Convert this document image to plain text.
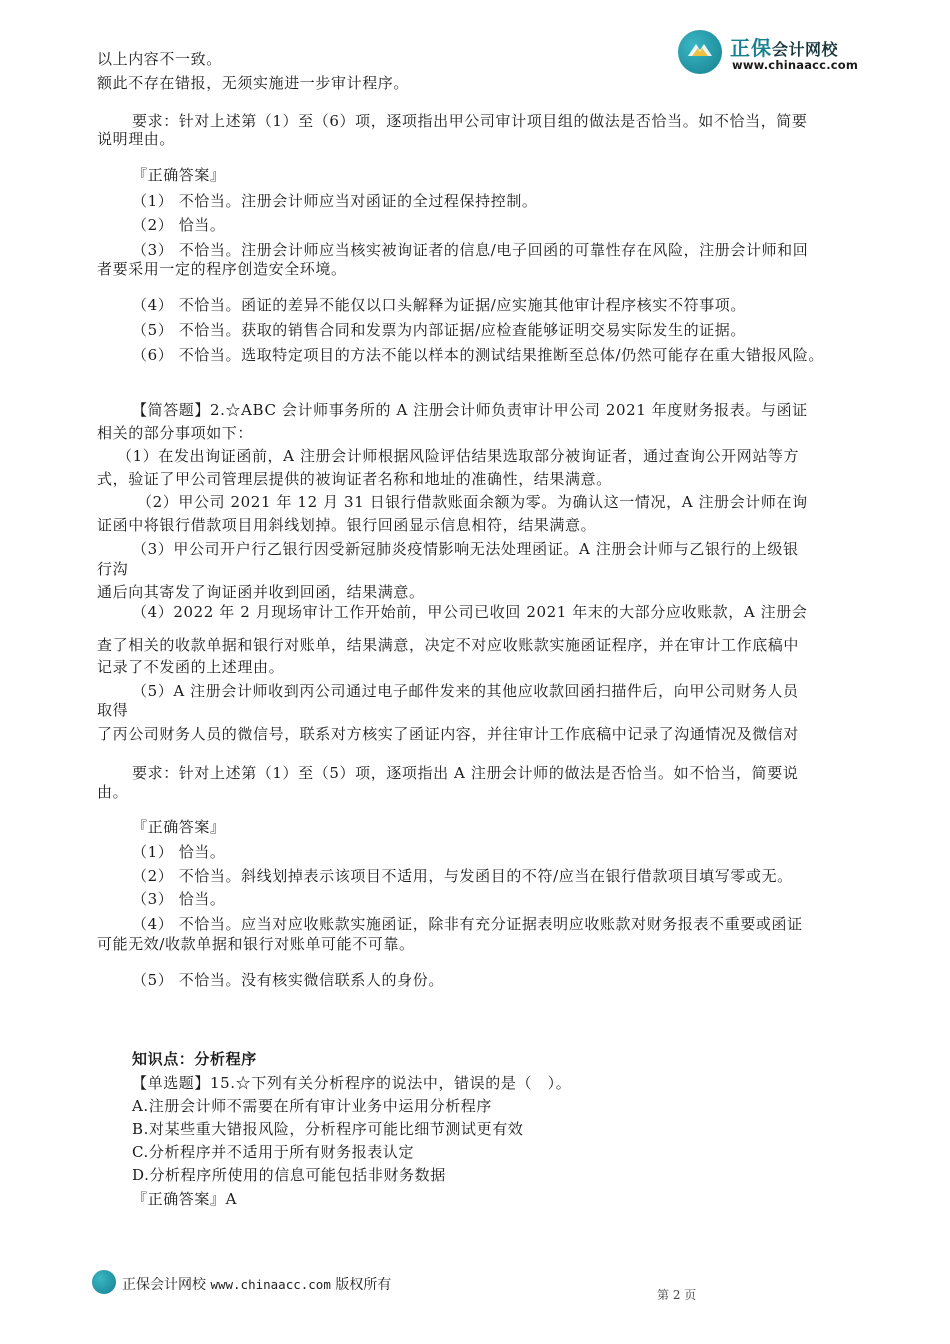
正保会计网校
www.chinaacc.com
以上内容不一致。
额此不存在错报，无须实施进一步审计程序。
要求：针对上述第（1）至（6）项，逐项指出甲公司审计项目组的做法是否恰当。如不恰当，简要
说明理由。
『正确答案』
（1） 不恰当。注册会计师应当对函证的全过程保持控制。
（2） 恰当。
（3） 不恰当。注册会计师应当核实被询证者的信息/电子回函的可靠性存在风险，注册会计师和回
者要采用一定的程序创造安全环境。
（4） 不恰当。函证的差异不能仅以口头解释为证据/应实施其他审计程序核实不符事项。
（5） 不恰当。获取的销售合同和发票为内部证据/应检查能够证明交易实际发生的证据。
（6） 不恰当。选取特定项目的方法不能以样本的测试结果推断至总体/仍然可能存在重大错报风险。
【简答题】2.☆ABC 会计师事务所的 A 注册会计师负责审计甲公司 2021 年度财务报表。与函证
相关的部分事项如下：
（1）在发出询证函前，A 注册会计师根据风险评估结果选取部分被询证者，通过查询公开网站等方
式，验证了甲公司管理层提供的被询证者名称和地址的准确性，结果满意。
（2）甲公司 2021 年 12 月 31 日银行借款账面余额为零。为确认这一情况，A 注册会计师在询
证函中将银行借款项目用斜线划掉。银行回函显示信息相符，结果满意。
（3）甲公司开户行乙银行因受新冠肺炎疫情影响无法处理函证。A 注册会计师与乙银行的上级银
行沟
通后向其寄发了询证函并收到回函，结果满意。
（4）2022 年 2 月现场审计工作开始前，甲公司已收回 2021 年末的大部分应收账款，A 注册会
查了相关的收款单据和银行对账单，结果满意，决定不对应收账款实施函证程序，并在审计工作底稿中
记录了不发函的上述理由。
（5）A 注册会计师收到丙公司通过电子邮件发来的其他应收款回函扫描件后，向甲公司财务人员
取得
了丙公司财务人员的微信号，联系对方核实了函证内容，并往审计工作底稿中记录了沟通情况及微信对
要求：针对上述第（1）至（5）项，逐项指出 A 注册会计师的做法是否恰当。如不恰当，简要说
由。
『正确答案』
（1） 恰当。
（2） 不恰当。斜线划掉表示该项目不适用，与发函目的不符/应当在银行借款项目填写零或无。
（3） 恰当。
（4） 不恰当。应当对应收账款实施函证，除非有充分证据表明应收账款对财务报表不重要或函证
可能无效/收款单据和银行对账单可能不可靠。
（5） 不恰当。没有核实微信联系人的身份。
知识点：分析程序
【单选题】15.☆下列有关分析程序的说法中，错误的是（　）。
A.注册会计师不需要在所有审计业务中运用分析程序
B.对某些重大错报风险，分析程序可能比细节测试更有效
C.分析程序并不适用于所有财务报表认定
D.分析程序所使用的信息可能包括非财务数据
『正确答案』A
正保会计网校 www.chinaacc.com 版权所有
第 2 页
